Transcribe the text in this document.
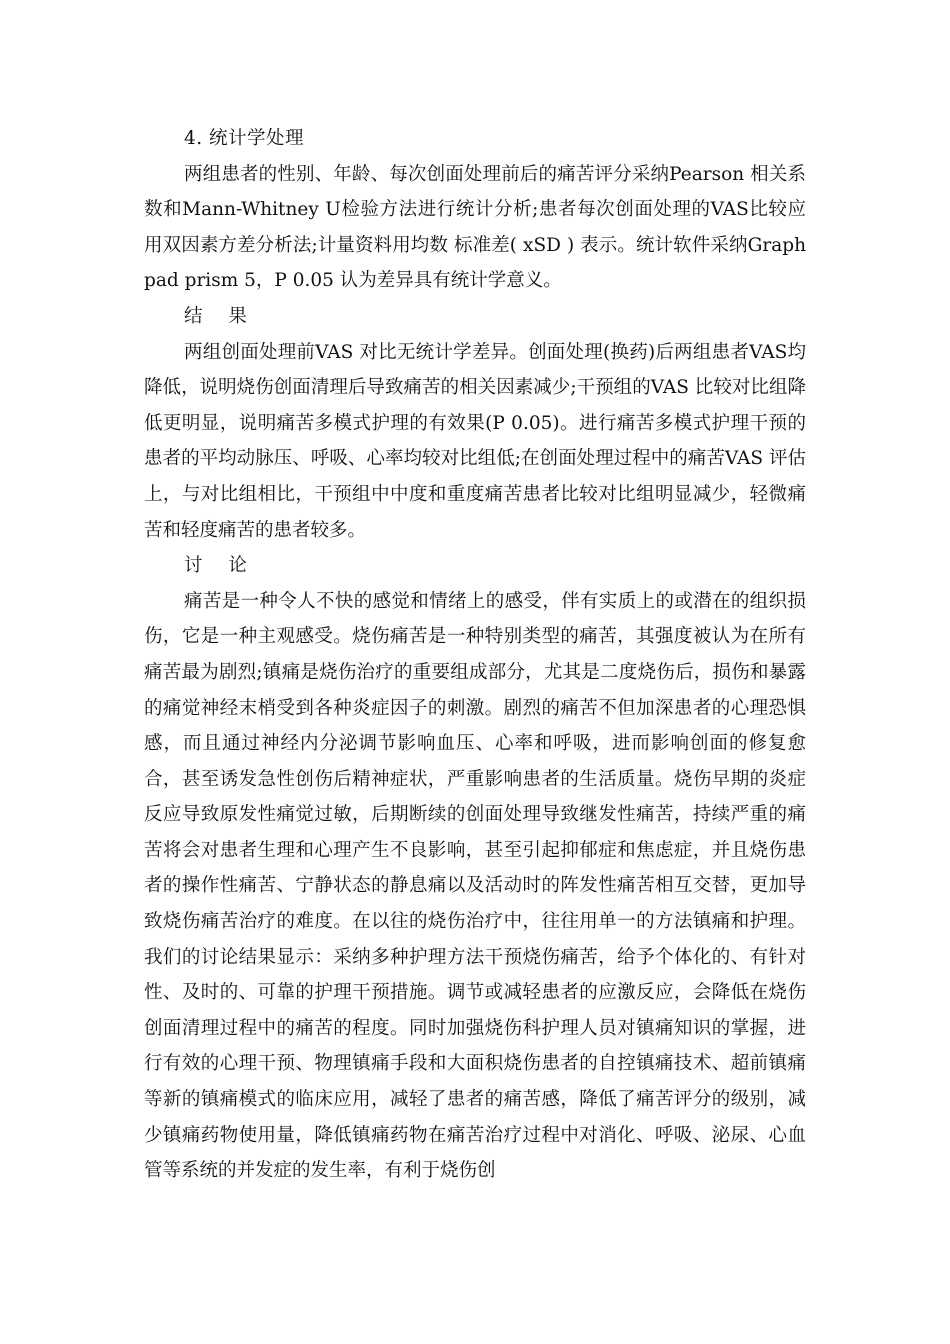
4. 统计学处理

两组患者的性别、年龄、每次创面处理前后的痛苦评分采纳Pearson 相关系数和Mann-Whitney U检验方法进行统计分析;患者每次创面处理的VAS比较应用双因素方差分析法;计量资料用均数 标准差( xSD ) 表示。统计软件采纳Graph pad prism 5，P 0.05 认为差异具有统计学意义。

结 果

两组创面处理前VAS 对比无统计学差异。创面处理(换药)后两组患者VAS均降低，说明烧伤创面清理后导致痛苦的相关因素减少;干预组的VAS 比较对比组降低更明显，说明痛苦多模式护理的有效果(P 0.05)。进行痛苦多模式护理干预的患者的平均动脉压、呼吸、心率均较对比组低;在创面处理过程中的痛苦VAS 评估上，与对比组相比，干预组中中度和重度痛苦患者比较对比组明显减少，轻微痛苦和轻度痛苦的患者较多。

讨 论

痛苦是一种令人不快的感觉和情绪上的感受，伴有实质上的或潜在的组织损伤，它是一种主观感受。烧伤痛苦是一种特别类型的痛苦，其强度被认为在所有痛苦最为剧烈;镇痛是烧伤治疗的重要组成部分，尤其是二度烧伤后，损伤和暴露的痛觉神经末梢受到各种炎症因子的刺激。剧烈的痛苦不但加深患者的心理恐惧感，而且通过神经内分泌调节影响血压、心率和呼吸，进而影响创面的修复愈合，甚至诱发急性创伤后精神症状，严重影响患者的生活质量。烧伤早期的炎症反应导致原发性痛觉过敏，后期断续的创面处理导致继发性痛苦，持续严重的痛苦将会对患者生理和心理产生不良影响，甚至引起抑郁症和焦虑症，并且烧伤患者的操作性痛苦、宁静状态的静息痛以及活动时的阵发性痛苦相互交替，更加导致烧伤痛苦治疗的难度。在以往的烧伤治疗中，往往用单一的方法镇痛和护理。我们的讨论结果显示：采纳多种护理方法干预烧伤痛苦，给予个体化的、有针对性、及时的、可靠的护理干预措施。调节或减轻患者的应激反应，会降低在烧伤创面清理过程中的痛苦的程度。同时加强烧伤科护理人员对镇痛知识的掌握，进行有效的心理干预、物理镇痛手段和大面积烧伤患者的自控镇痛技术、超前镇痛等新的镇痛模式的临床应用，减轻了患者的痛苦感，降低了痛苦评分的级别，减少镇痛药物使用量，降低镇痛药物在痛苦治疗过程中对消化、呼吸、泌尿、心血管等系统的并发症的发生率，有利于烧伤创
